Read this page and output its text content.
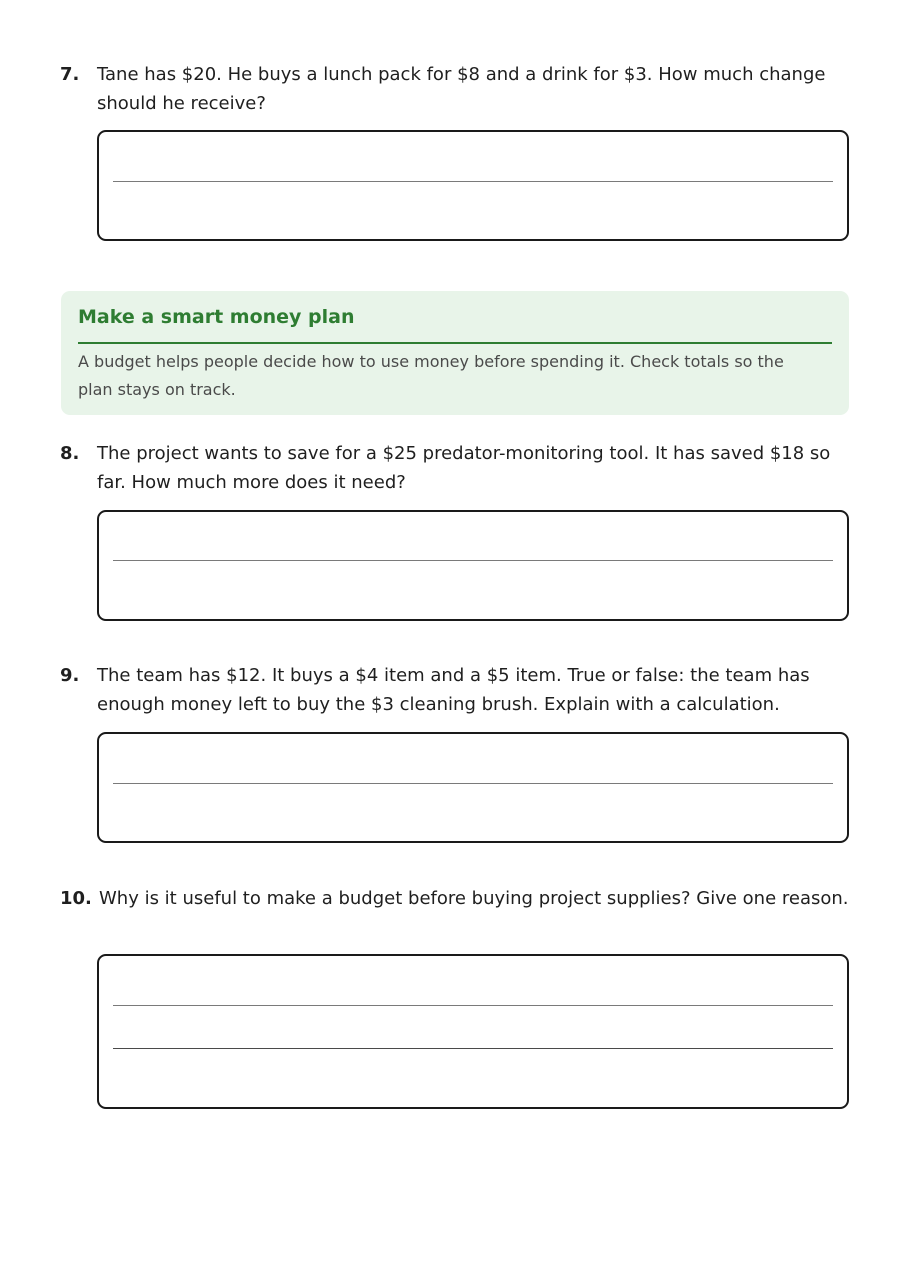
7. Tane has $20. He buys a lunch pack for $8 and a drink for $3. How much change should he receive?
Make a smart money plan
A budget helps people decide how to use money before spending it. Check totals so the plan stays on track.
8. The project wants to save for a $25 predator-monitoring tool. It has saved $18 so far. How much more does it need?
9. The team has $12. It buys a $4 item and a $5 item. True or false: the team has enough money left to buy the $3 cleaning brush. Explain with a calculation.
10. Why is it useful to make a budget before buying project supplies? Give one reason.
